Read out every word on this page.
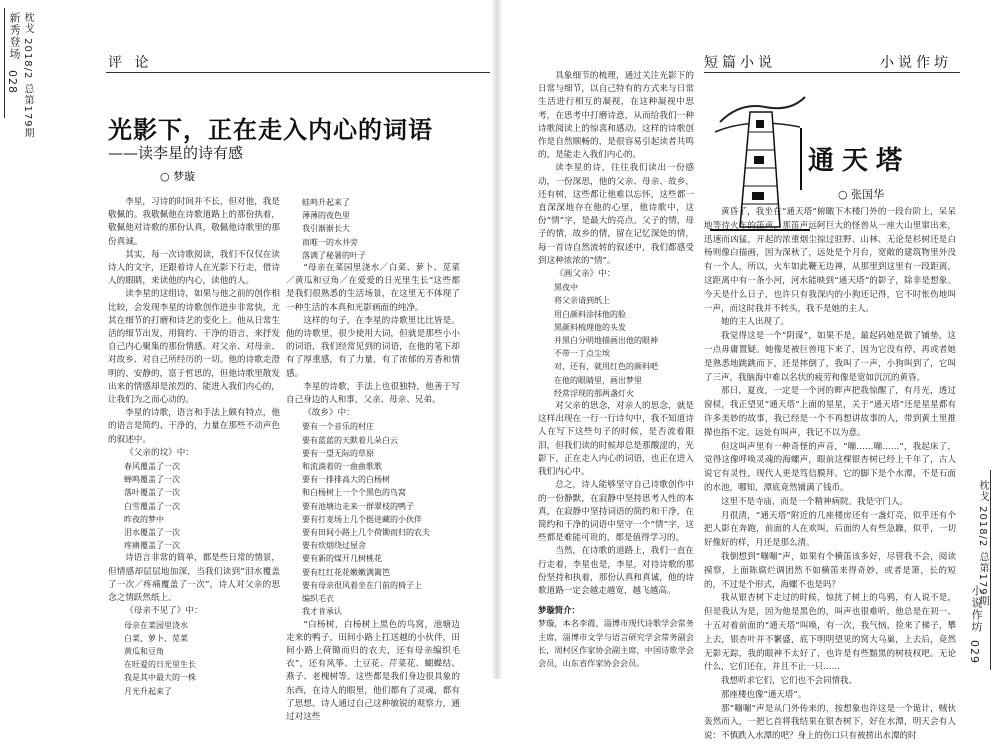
新秀登场 枕戈 2018/2 总第179期
028
评 论
光影下，正在走入内心的词语
——读李星的诗有感
○ 梦璇

李星，习诗的时间并不长，但对他，我是敬佩的。我敬佩他在诗歌道路上的那份执着，敬佩他对诗歌的那份认真，敬佩他诗歌里的那份真诚。

其实，每一次诗歌阅读，我们不仅仅在读诗人的文字，还跟着诗人在光影下行走，借诗人的眼睛，来读他的内心，读他的人。

读李星的这组诗，如果与他之前的创作相比较，会发现李星的诗歌创作进步非常快，尤其在细节的打磨和诗艺的变化上。他从日常生活的细节出发，用简约、干净的语言，来抒发自己内心聚集的那份情感。对父亲、对母亲、对故乡、对自己所经历的一切。他的诗歌走澄明的、安静的，富于哲思的，但他诗歌里散发出来的情感却是浓烈的、能进入我们内心的，让我们为之而心动的。

李星的诗歌，语言和手法上颇有特点，他的语言是简约、干净的，力量在那些不动声色的叙述中。

《父亲的坟》中：

春风覆盖了一次

蝉鸣覆盖了一次

落叶覆盖了一次

白雪覆盖了一次

昨夜的梦中

泪水覆盖了一次

疼痛覆盖了一次

诗语言非常的简单，都是些日常的情景，但情感却层层地加深，当我们读到“泪水覆盖了一次／疼痛覆盖了一次”，诗人对父亲的思念之情跃然纸上。

《母亲不见了》中：

母亲在菜园里浇水

白菜、萝卜、苋菜

黄瓜和豆角

在旺爱的日光里生长

我是其中最大的一株

月光升起来了

蛙鸣升起来了

薄薄的夜色里

我引渐渐长大

而唯一的水井旁

落满了秘暑的叶子

“母亲在菜园里浇水／白菜、萝卜、苋菜／黄瓜和豆角／在爱爱的日光里生长”这些都是我们很熟悉的生活场景，在这里无不体现了一种生活的本真和光影画面的纯净。

这样的句子，在李星的诗歌里比比皆是。他的诗歌里，很少使用大词，但就是那些小小的词语，我们经常见到的词语，在他的笔下却有了厚重感，有了力量，有了浓郁的芳香和情感。

李星的诗歌，手法上也很独特，他善于写自己身边的人和事，父亲、母亲、兄弟。

《故乡》中：

要有一个音乐的村庄

要有蓝蓝的天默着儿朵白云

要有一望无际的草原

和流淌着的一曲曲歌歌

要有一排排高大的白杨树

和白杨树上一个个黑色的鸟窝

要有池塘边走来一群翠枝的鸭子

要有打麦场上几个挺进藏的小伙伴

要有田间小路上几个荷锄而归的农夫

要有炊烟绕过屋舍

要有新的煤开几树桃花

要有红红花花嫩嫩满篱笆

要有母亲很风着坐在门前的椅子上

编织毛衣

我才肯承认

“白杨树，白杨树上黑色的鸟窝，池塘边走来的鸭子，田间小路上扛送越的小伙伴，田间小路上荷锄而归的农夫，还有母亲编织毛衣”，还有风筝、土豆花、芹菜花、蝴蝶结、燕子、老槐树等。这些都是我们身边很具象的东西，在诗人的眼里，他们都有了灵魂，都有了思想。诗人通过自己这种敏锐的观察力，通过对这些

具象细节的梳理，通过关注光影下的日常与细节，以自己特有的方式来与日常生活进行相互的凝视，在这种凝视中思考，在思考中打磨诗意，从而给我们一种诗歌阅读上的惊喜和感动。这样的诗歌创作是自然顺畅的，是很容易引起读者共鸣的，是能走入我们内心的。

读李星的诗，往往我们读出一份感动，一份深思，他的父亲、母亲、故乡，还有树，这些都让他难以忘怀，这些都一直深深地存在他的心里，他诗歌中，这份“情”字，是最大的亮点。父子的情，母子的情，故乡的情，留在记忆深处的情，每一首诗自然流转的叙述中，我们都感受到这种浓浓的“情”。

《画父亲》中：

黑夜中

将父亲请到纸上

用白颜料涂抹他的脸

黑颜料梳理他的头发

并黑白分明地描画出他的眼神

不带一丁点尘埃

对，还有，就用红色的颜料吧

在他的眼睛里，画出梦里

经常浮现的那两盏灯火

对父亲的思念，对亲人的思念，就是这样出现在一行一行诗句中，我不知道诗人在写下这些句子的时候，是否流着眼泪，但我们读的时候却总是那酸涩的，光影下，正在走入内心的词语，也正在进入我们内心中。

总之，诗人能够坚守自己诗歌创作中的一份静默，在寂静中坚持思考人性的本真，在寂静中坚持词语的简约和干净，在简约和干净的词语中坚守一个“情”字，这些都是难能可贵的，都是值得学习的。

当然，在诗歌的道路上，我们一直在行走着，李星也是，李星，对待诗歌的那份坚持和执着，那份认真和真诚，他的诗歌道路一定会越走越宽，越飞越高。

梦璇简介：

梦璇，本名李霞，淄博市现代诗歌学会常务主席，淄博市文学与语言研究学会常务副会长，周村区作家协会副主席，中国诗歌学会会员，山东省作家协会会员。

短篇小说	小说作坊
通天塔
○ 张国华

黄昏了，我坐在“通天塔”俯瞰下木楼门外的一段台阶上，呆呆地等待火车的笛声。那笛声远阿巨大的怪兽从一座大山里窜出来，迅速而凶猛，开起的浓重烟尘掠过驻野、山林、无论是杉树还是白杨则像白描画，因为深秋了，远处是个月台，宽敞的建筑物里外没有一个人，所以，火车如此鞭无边禅，从那里到这里有一段距离，这距离中有一条小河，河水能映到“通天塔”的影子，除非是想象。今天是什么日子，也许只有我深内的小狗还记得，它不时怅伤地叫一声，而这时我并不转头，我不是她的主人。

她的主人出现了。

我觉得这是一个“阴谋”，如果不是，最起码她是做了铺垫，这一点毋庸置疑。她像是被巨兽甩下来了，因为它没有停，再或者她是熟悉地跳跳而下，还是摔倒了，我叫了一声，小狗叫到了，它叫了三声，我脑海中难以名状的疲劳和像是宽如沉沉的黄昏。

那日，夏夜，一定是一个河的畔声把我惊醒了，有月光，透过窗棂，我正望见“通天塔”上面的星星，关于“通天塔”还是星星都有许多美妙的故事，我已经是一个不再想讲故事的人，带到黄土里推撵也指不定。远处有叫声，我记不以为意。

但这叫声里有一种奇怪的声音，“嘣……嘣……”，我起床了，觉得这像呼唤灵魂的海螺声，眼前这棵银杏树已经上千年了，古人说它有灵性，现代人更是笃信膜拜。它的脚下是个水潭，不是石面的水池，哪知，潭底竟然铺满了钱币。

这里不是寺庙，而是一个精神病院。我是守门人。

月很清，“通天塔”附近的几座楼房还有一盏灯亮，似乎还有个把人影在奔跑，前面的人在欢叫，后面的人有些急躁，似乎，一切好像好的样，月还是那么清。

我倒想到“嘣嘣”声，如果有个横笛该多好，尽管我不会，阅读摸察，上面陈腐烂调团然不如横笛来得奇妙，或者是箫，长的短的，不过是个形式，海螺不也是吗？

我从银杏树下走过的时候，惊扰了树上的鸟鸦，有人说不是，但是我认为是，因为他是黑色的，叫声也很难听，他总是在初一、十五对着前面的“通天塔”叫唤，有一次，我气恼，捡来了梯子，攀上去，银杏叶并不繁盛，底下明明望见的窝大乌巢，上去后，竟然无影无踪，我的眼神不太好了，也许是有些黯黑的树枝权吧。无论什么，它们还在，并且不止一只……

我想听求它们，它们也不会同情我。

那座楼也像“通天塔”。

那“嘣嘣”声是从门外传来的，按想象也许这是一个诡计，贼伙轰然而入，一把匕首将我结果在银杏树下，好在水潭，明天会有人说：不慎跌入水潭的吧？身上的伤口只有被捞出水潭的时

枕戈 2018/2 总第179期
小说作坊
029
